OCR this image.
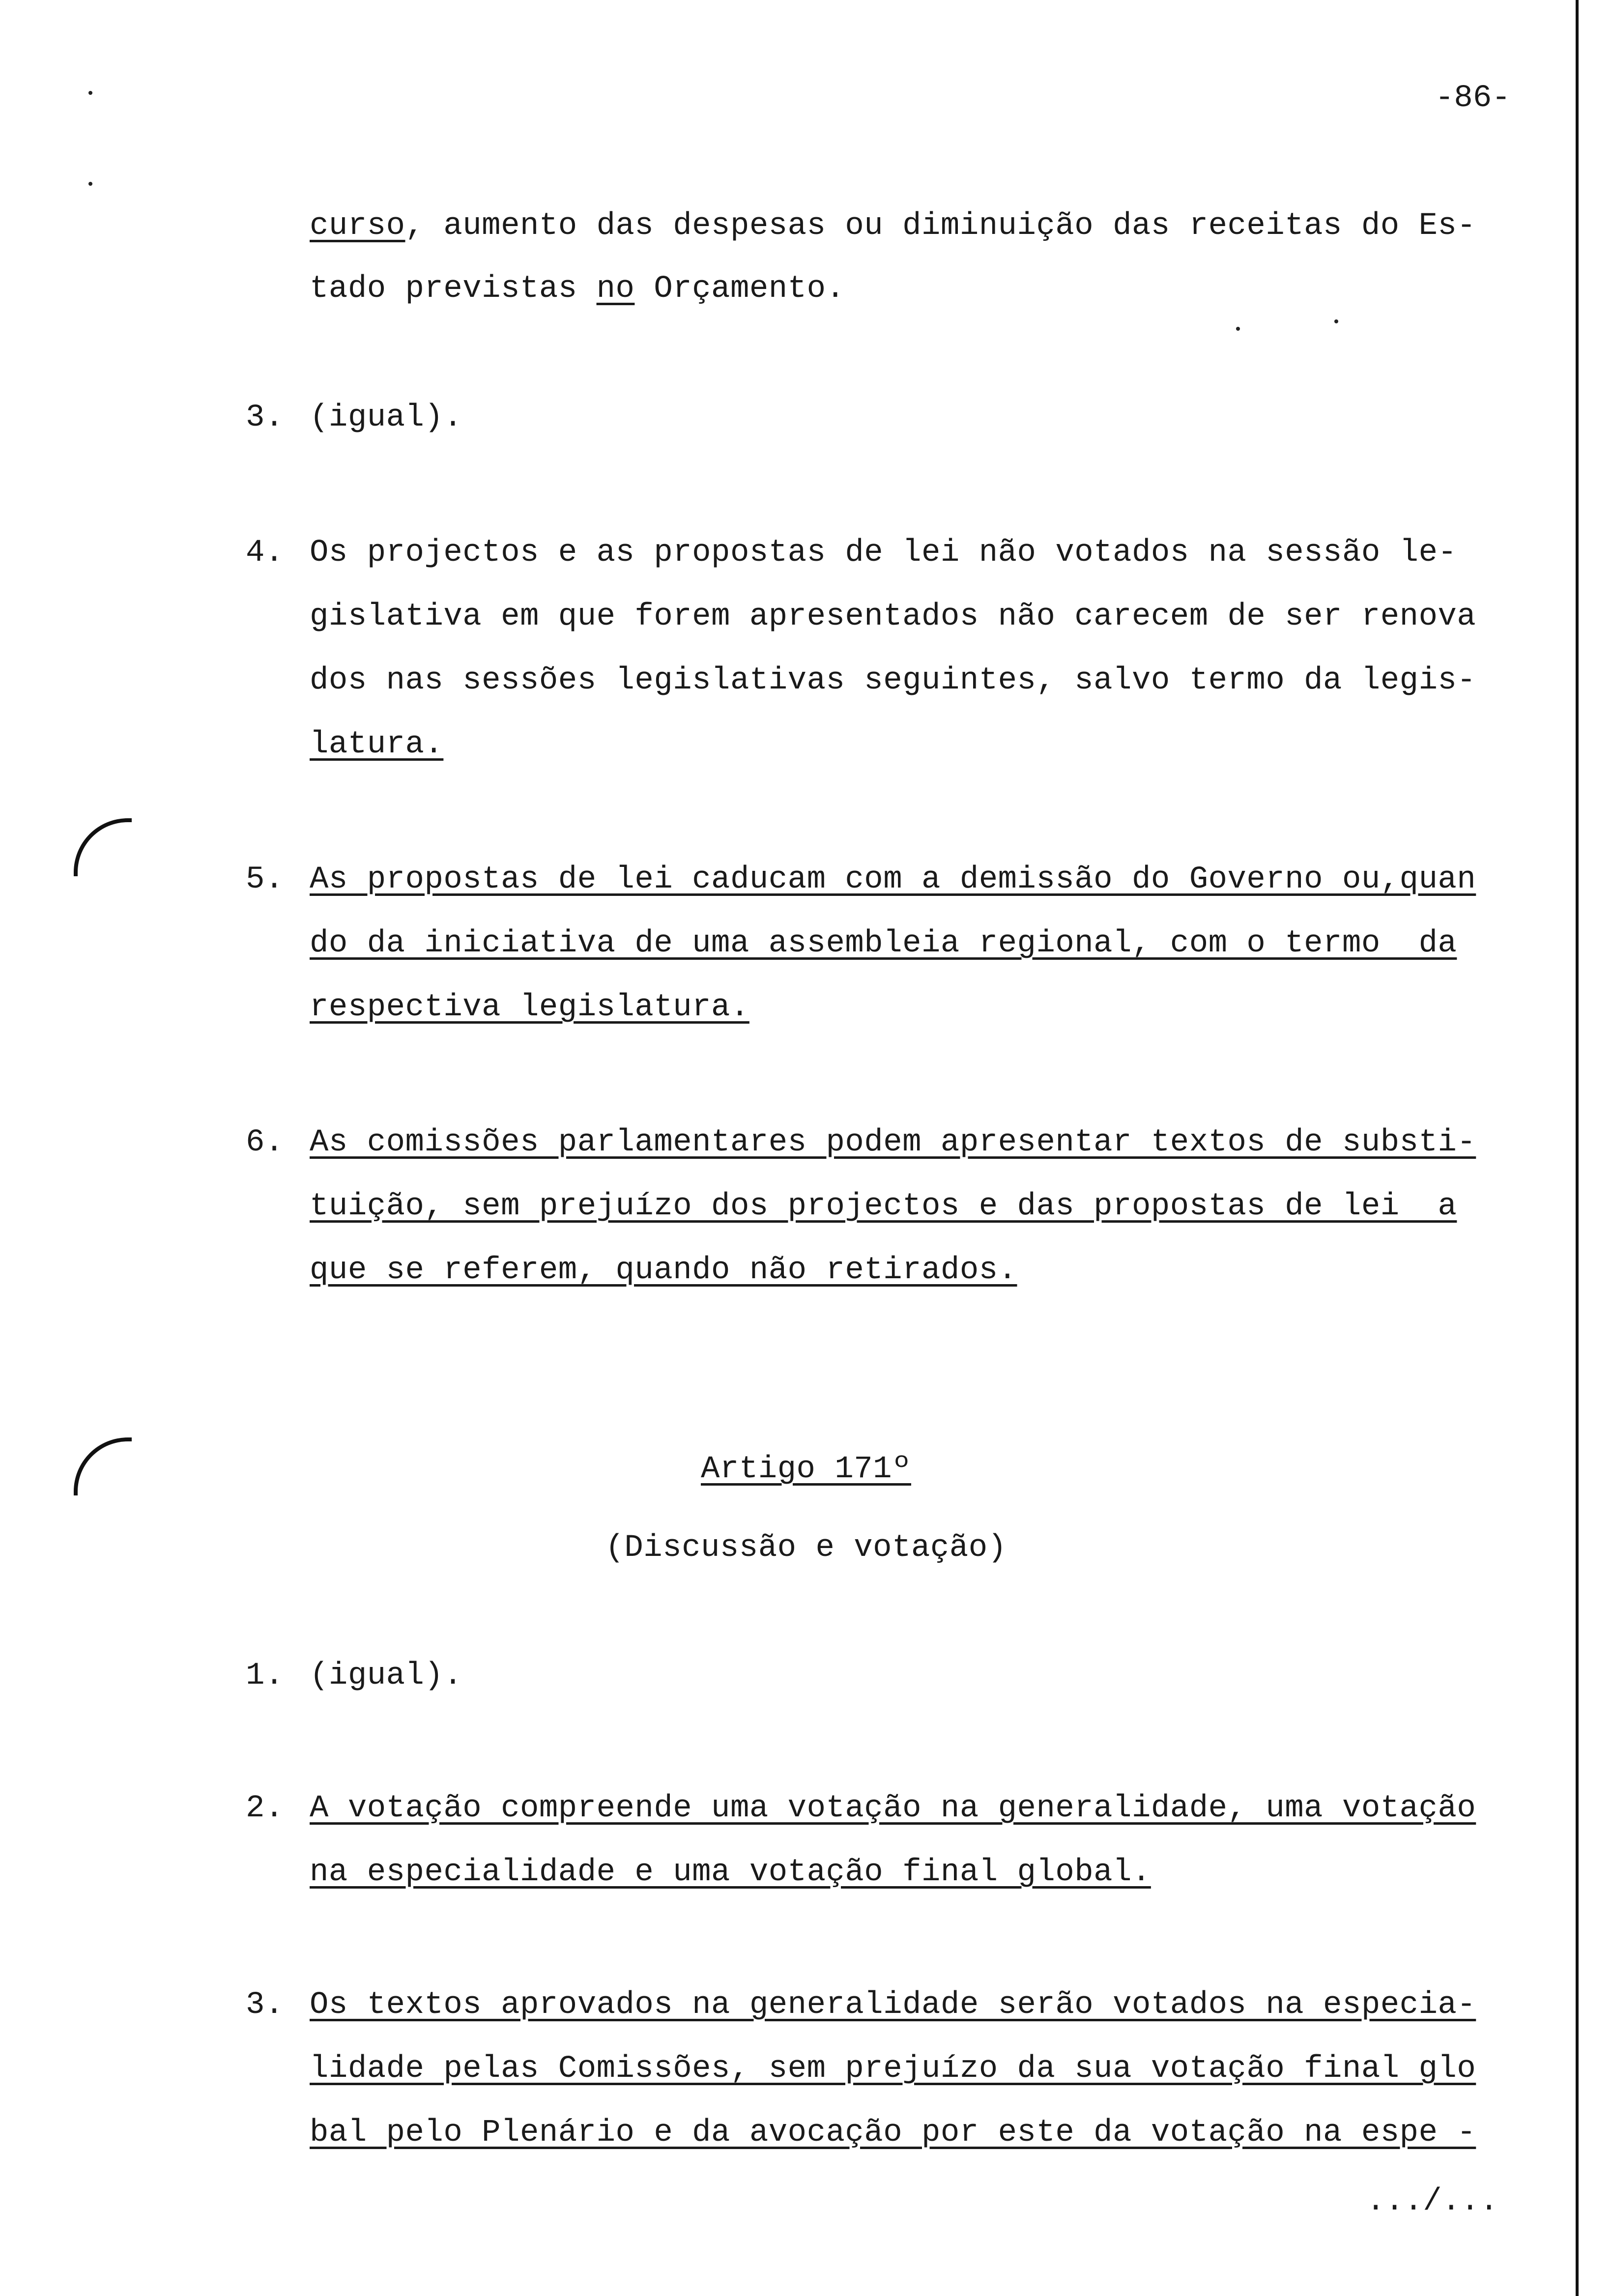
-86-
curso, aumento das despesas ou diminuição das receitas do Es-
tado previstas no Orçamento.
3. (igual).
4. Os projectos e as propostas de lei não votados na sessão le-
gislativa em que forem apresentados não carecem de ser renova
dos nas sessões legislativas seguintes, salvo termo da legis-
latura.
5. As propostas de lei caducam com a demissão do Governo ou,quan
do da iniciativa de uma assembleia regional, com o termo  da
respectiva legislatura.
6. As comissões parlamentares podem apresentar textos de substi-
tuição, sem prejuízo dos projectos e das propostas de lei  a
que se referem, quando não retirados.
Artigo 171º
(Discussão e votação)
1. (igual).
2. A votação compreende uma votação na generalidade, uma votação
na especialidade e uma votação final global.
3. Os textos aprovados na generalidade serão votados na especia-
lidade pelas Comissões, sem prejuízo da sua votação final glo
bal pelo Plenário e da avocação por este da votação na espe -
.../...
